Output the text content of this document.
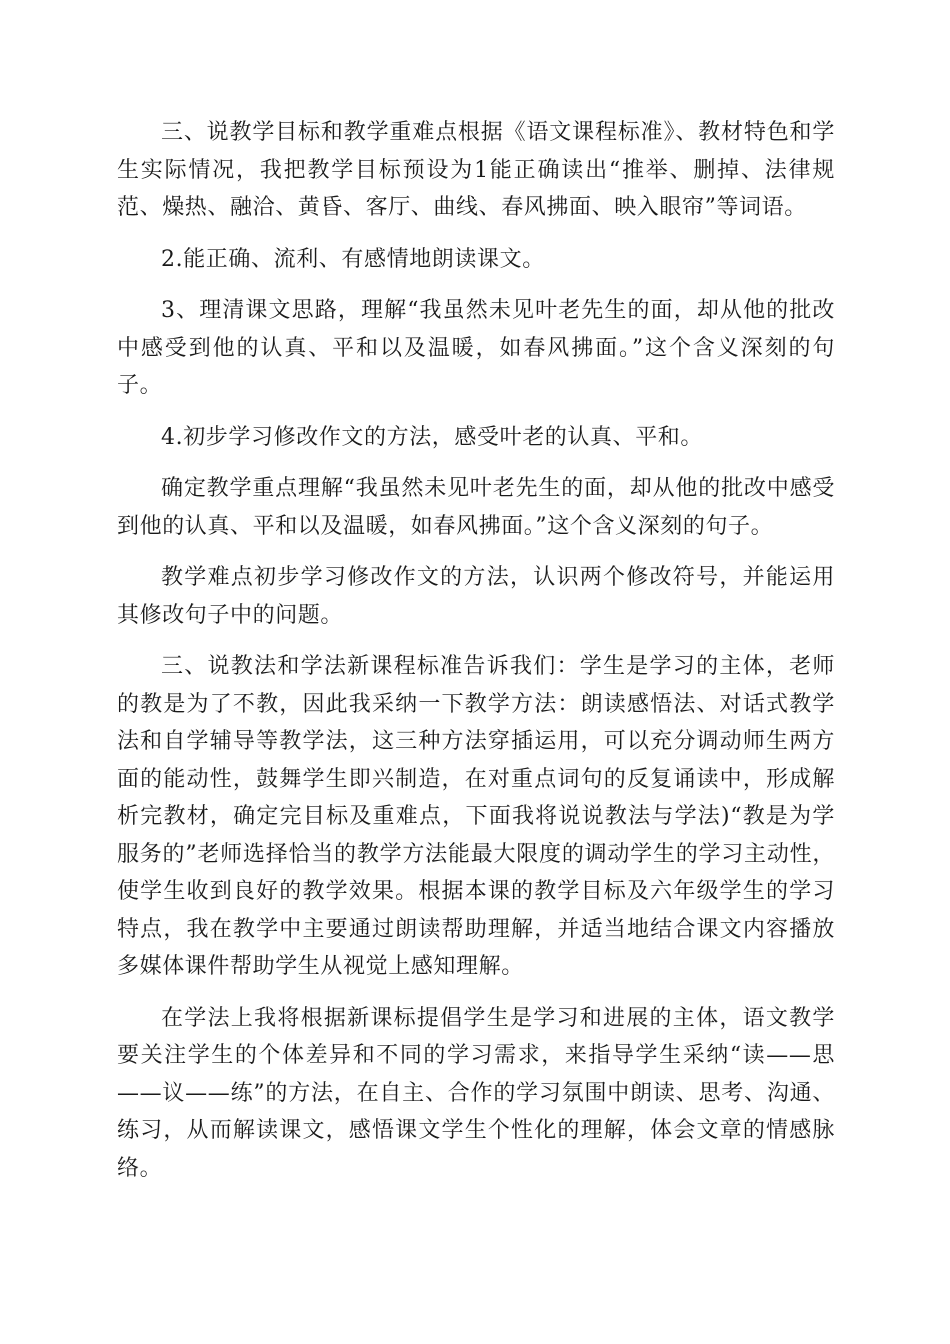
三、说教学目标和教学重难点根据《语文课程标准》、教材特色和学生实际情况，我把教学目标预设为1能正确读出“推举、删掉、法律规范、燥热、融洽、黄昏、客厅、曲线、春风拂面、映入眼帘”等词语。

2.能正确、流利、有感情地朗读课文。

3、理清课文思路，理解“我虽然未见叶老先生的面，却从他的批改中感受到他的认真、平和以及温暖，如春风拂面。”这个含义深刻的句子。

4.初步学习修改作文的方法，感受叶老的认真、平和。

确定教学重点理解“我虽然未见叶老先生的面，却从他的批改中感受到他的认真、平和以及温暖，如春风拂面。”这个含义深刻的句子。

教学难点初步学习修改作文的方法，认识两个修改符号，并能运用其修改句子中的问题。

三、说教法和学法新课程标准告诉我们：学生是学习的主体，老师的教是为了不教，因此我采纳一下教学方法：朗读感悟法、对话式教学法和自学辅导等教学法，这三种方法穿插运用，可以充分调动师生两方面的能动性，鼓舞学生即兴制造，在对重点词句的反复诵读中，形成解析完教材，确定完目标及重难点，下面我将说说教法与学法)“教是为学服务的”老师选择恰当的教学方法能最大限度的调动学生的学习主动性，使学生收到良好的教学效果。根据本课的教学目标及六年级学生的学习特点，我在教学中主要通过朗读帮助理解，并适当地结合课文内容播放多媒体课件帮助学生从视觉上感知理解。

在学法上我将根据新课标提倡学生是学习和进展的主体，语文教学要关注学生的个体差异和不同的学习需求，来指导学生采纳“读——思——议——练”的方法，在自主、合作的学习氛围中朗读、思考、沟通、练习，从而解读课文，感悟课文学生个性化的理解，体会文章的情感脉络。
